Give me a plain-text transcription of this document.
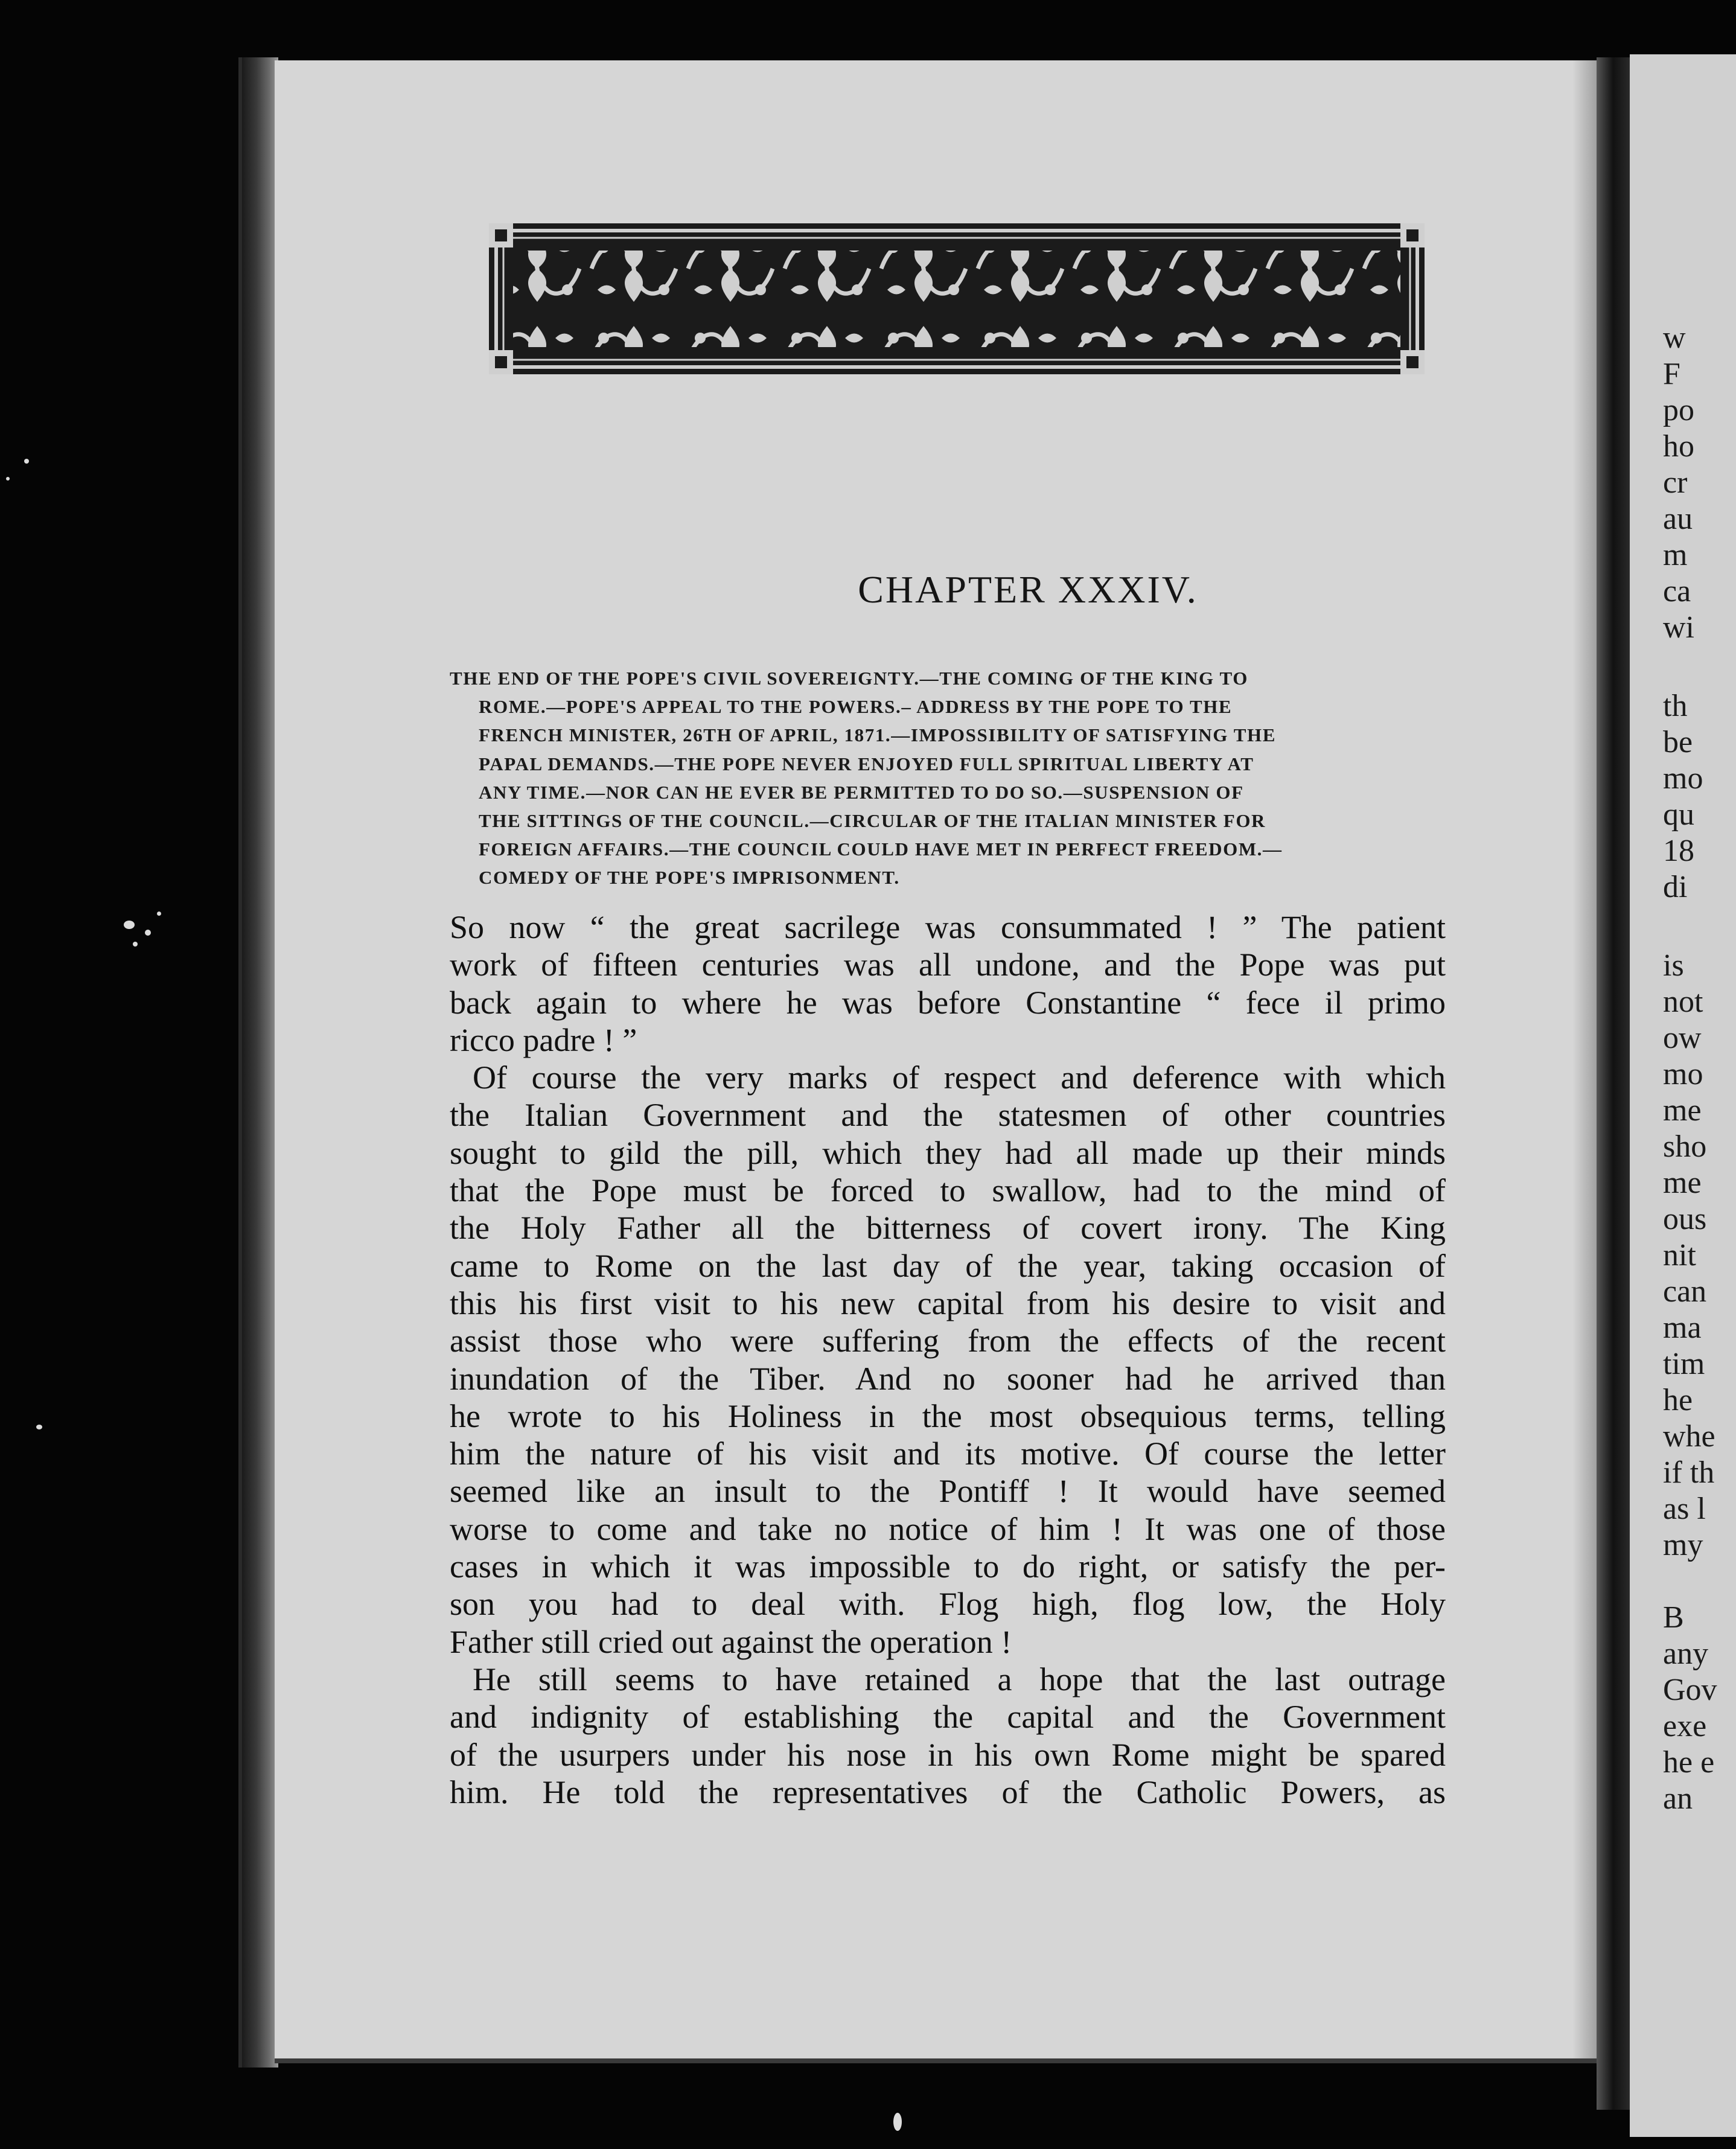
w
F
po
ho
cr
au
m
ca
wi
th
be
mo
qu
18
di
is
not
ow
mo
me
sho
me
ous
nit
can
ma
tim
he
whe
if th
as l
my
B
any
Gov
exe
he e
an
CHAPTER XXXIV.
THE END OF THE POPE'S CIVIL SOVEREIGNTY.—THE COMING OF THE KING TO
ROME.—POPE'S APPEAL TO THE POWERS.– ADDRESS BY THE POPE TO THE
FRENCH MINISTER, 26TH OF APRIL, 1871.—IMPOSSIBILITY OF SATISFYING THE
PAPAL DEMANDS.—THE POPE NEVER ENJOYED FULL SPIRITUAL LIBERTY AT
ANY TIME.—NOR CAN HE EVER BE PERMITTED TO DO SO.—SUSPENSION OF
THE SITTINGS OF THE COUNCIL.—CIRCULAR OF THE ITALIAN MINISTER FOR
FOREIGN AFFAIRS.—THE COUNCIL COULD HAVE MET IN PERFECT FREEDOM.—
COMEDY OF THE POPE'S IMPRISONMENT.
So now “ the great sacrilege was consummated ! ” The patient
work of fifteen centuries was all undone, and the Pope was put
back again to where he was before Constantine “ fece il primo
ricco padre ! ”
Of course the very marks of respect and deference with which
the Italian Government and the statesmen of other countries
sought to gild the pill, which they had all made up their minds
that the Pope must be forced to swallow, had to the mind of
the Holy Father all the bitterness of covert irony. The King
came to Rome on the last day of the year, taking occasion of
this his first visit to his new capital from his desire to visit and
assist those who were suffering from the effects of the recent
inundation of the Tiber. And no sooner had he arrived than
he wrote to his Holiness in the most obsequious terms, telling
him the nature of his visit and its motive. Of course the letter
seemed like an insult to the Pontiff ! It would have seemed
worse to come and take no notice of him ! It was one of those
cases in which it was impossible to do right, or satisfy the per-
son you had to deal with. Flog high, flog low, the Holy
Father still cried out against the operation !
He still seems to have retained a hope that the last outrage
and indignity of establishing the capital and the Government
of the usurpers under his nose in his own Rome might be spared
him. He told the representatives of the Catholic Powers, as
